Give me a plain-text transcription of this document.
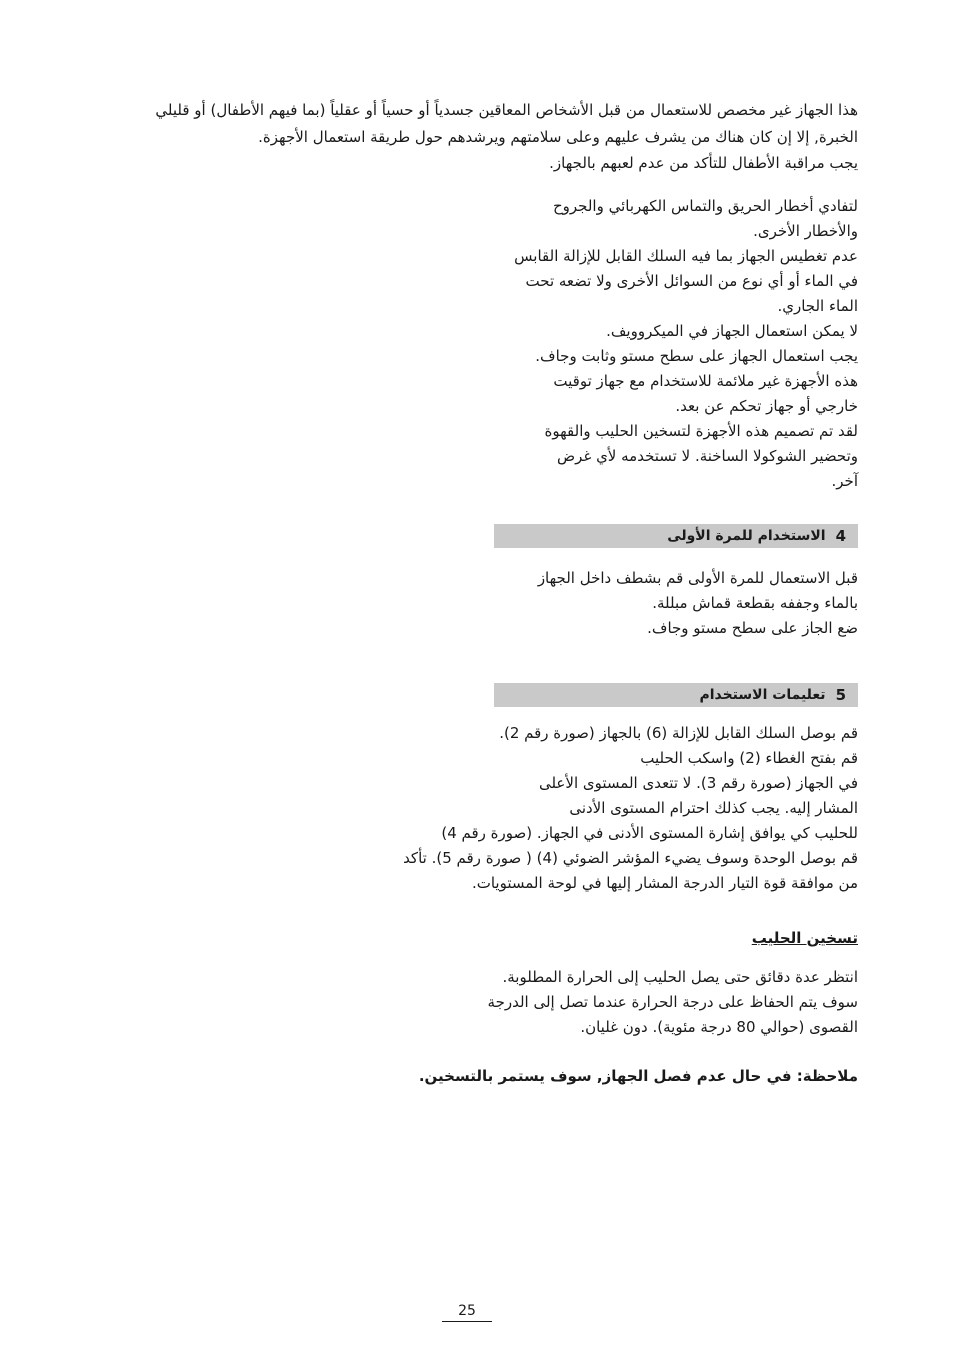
هذا الجهاز غير مخصص للاستعمال من قبل الأشخاص المعاقين جسدياً أو حسياً أو عقلياً (بما فيهم الأطفال) أو قليلي
الخبرة, إلا إن كان هناك من يشرف عليهم وعلى سلامتهم ويرشدهم حول طريقة استعمال الأجهزة.
يجب مراقبة الأطفال للتأكد من عدم لعبهم بالجهاز.
لتفادي أخطار الحريق والتماس الكهربائي والجروح
والأخطار الأخرى.
عدم تغطيس الجهاز بما فيه السلك القابل للإزالة القابس
في الماء أو أي نوع من السوائل الأخرى ولا تضعه تحت
الماء الجاري.
لا يمكن استعمال الجهاز في الميكروويف.
يجب استعمال الجهاز على سطح مستو وثابت وجاف.
هذه الأجهزة غير ملائمة للاستخدام مع جهاز توقيت
خارجي أو جهاز تحكم عن بعد.
لقد تم تصميم هذه الأجهزة لتسخين الحليب والقهوة
وتحضير الشوكولا الساخنة. لا تستخدمه لأي غرض
آخر.
4
الاستخدام للمرة الأولى
قبل الاستعمال للمرة الأولى قم بشطف داخل الجهاز
بالماء وجففه بقطعة قماش مبللة.
ضع الجاز على سطح مستو وجاف.
5
تعليمات الاستخدام
قم بوصل السلك القابل للإزالة (6) بالجهاز (صورة رقم 2).
قم بفتح الغطاء (2) واسكب الحليب
في الجهاز (صورة رقم 3). لا تتعدى المستوى الأعلى
المشار إليه. يجب كذلك احترام المستوى الأدنى
للحليب كي يوافق إشارة المستوى الأدنى في الجهاز. (صورة رقم 4)
قم بوصل الوحدة وسوف يضيء المؤشر الضوئي (4) ( صورة رقم 5). تأكد
من موافقة قوة التيار الدرجة المشار إليها في لوحة المستويات.
تسخين الحليب
انتظر عدة دقائق حتى يصل الحليب إلى الحرارة المطلوبة.
سوف يتم الحفاظ على درجة الحرارة عندما تصل إلى الدرجة
القصوى (حوالي 80 درجة مئوية). دون غليان.
ملاحظة: في حال عدم فصل الجهاز, سوف يستمر بالتسخين.
25
